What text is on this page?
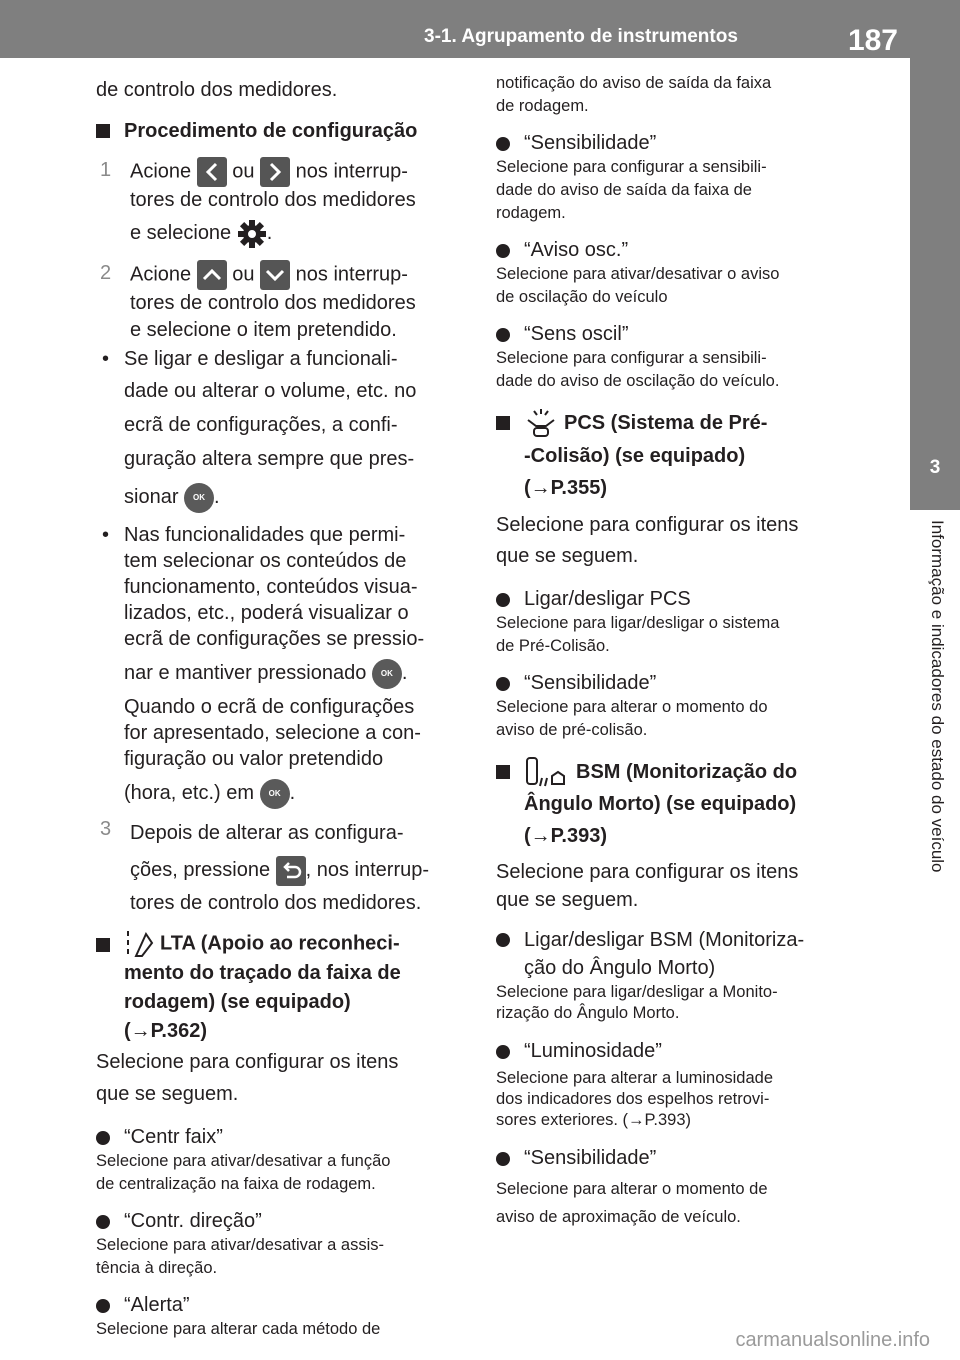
3-1. Agrupamento de instrumentos	187
3
Informação e indicadores do estado do veículo

de controlo dos medidores.

Procedimento de configuração

1 Acione ou nos interrup-
tores de controlo dos medidores
e selecione .
2 Acione ou nos interrup-
tores de controlo dos medidores
e selecione o item pretendido.
• Se ligar e desligar a funcionali-
dade ou alterar o volume, etc. no
ecrã de configurações, a confi-
guração altera sempre que pres-
sionar OK .
• Nas funcionalidades que permi-
tem selecionar os conteúdos de
funcionamento, conteúdos visua-
lizados, etc., poderá visualizar o
ecrã de configurações se pressio-
nar e mantiver pressionado OK .
Quando o ecrã de configurações
for apresentado, selecione a con-
figuração ou valor pretendido
(hora, etc.) em OK .
3 Depois de alterar as configura-
ções, pressione , nos interrup-
tores de controlo dos medidores.
LTA (Apoio ao reconheci-
mento do traçado da faixa de
rodagem) (se equipado)
(→P.362)

Selecione para configurar os itens
que se seguem.

“Centr faix”

Selecione para ativar/desativar a função
de centralização na faixa de rodagem.

“Contr. direção”

Selecione para ativar/desativar a assis-
tência à direção.

“Alerta”

Selecione para alterar cada método de

notificação do aviso de saída da faixa
de rodagem.

“Sensibilidade”

Selecione para configurar a sensibili-
dade do aviso de saída da faixa de
rodagem.

“Aviso osc.”

Selecione para ativar/desativar o aviso
de oscilação do veículo

“Sens oscil”

Selecione para configurar a sensibili-
dade do aviso de oscilação do veículo.

PCS (Sistema de Pré-
-Colisão) (se equipado)
(→P.355)

Selecione para configurar os itens
que se seguem.

Ligar/desligar PCS

Selecione para ligar/desligar o sistema
de Pré-Colisão.

“Sensibilidade”

Selecione para alterar o momento do
aviso de pré-colisão.

BSM (Monitorização do
Ângulo Morto) (se equipado)
(→P.393)

Selecione para configurar os itens
que se seguem.

Ligar/desligar BSM (Monitoriza-
ção do Ângulo Morto)

Selecione para ligar/desligar a Monito-
rização do Ângulo Morto.

“Luminosidade”

Selecione para alterar a luminosidade
dos indicadores dos espelhos retrovi-
sores exteriores. (→P.393)

“Sensibilidade”

Selecione para alterar o momento de
aviso de aproximação de veículo.

carmanualsonline.info
